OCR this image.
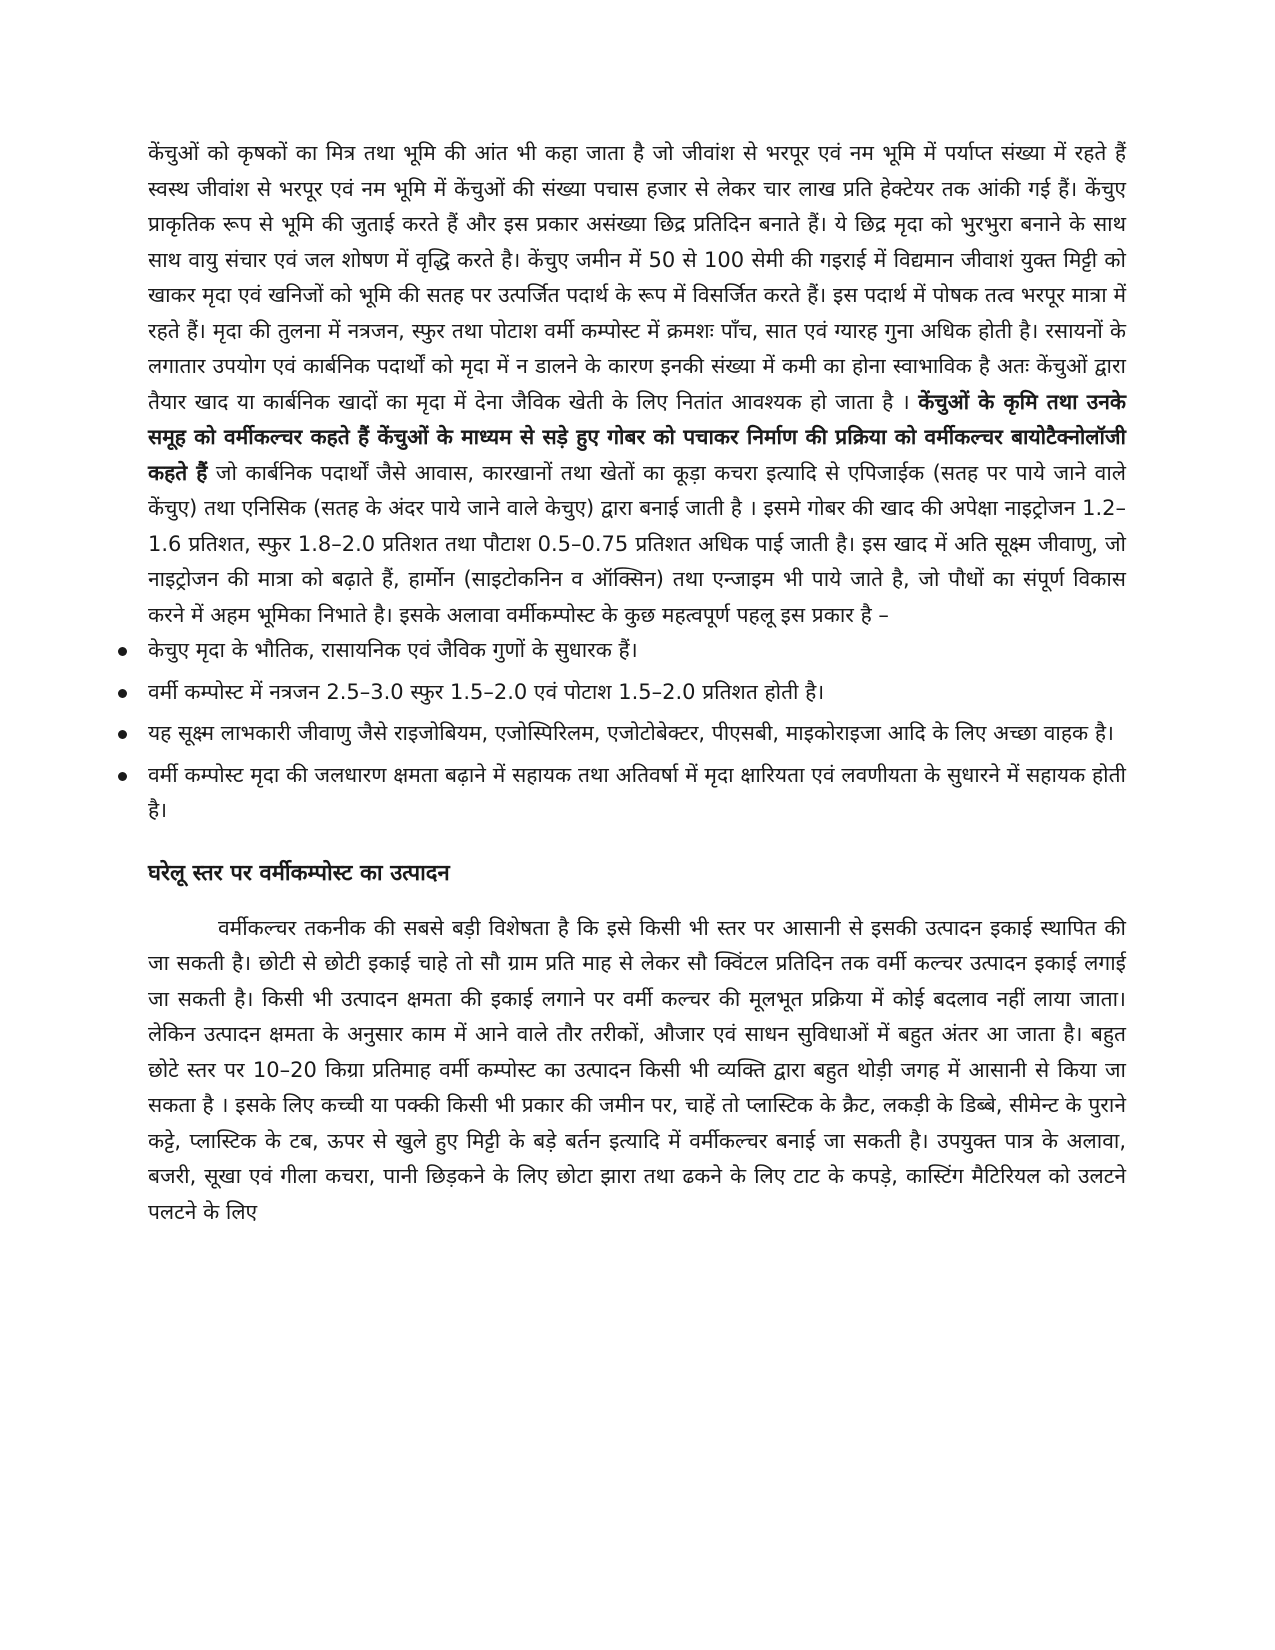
केंचुओं को कृषकों का मित्र तथा भूमि की आंत भी कहा जाता है जो जीवांश से भरपूर एवं नम भूमि में पर्याप्त संख्या में रहते हैं स्वस्थ जीवांश से भरपूर एवं नम भूमि में केंचुओं की संख्या पचास हजार से लेकर चार लाख प्रति हेक्टेयर तक आंकी गई हैं। केंचुए प्राकृतिक रूप से भूमि की जुताई करते हैं और इस प्रकार असंख्या छिद्र प्रतिदिन बनाते हैं। ये छिद्र मृदा को भुरभुरा बनाने के साथ साथ वायु संचार एवं जल शोषण में वृद्धि करते है। केंचुए जमीन में 50 से 100 सेमी की गइराई में विद्यमान जीवाशं युक्त मिट्टी को खाकर मृदा एवं खनिजों को भूमि की सतह पर उत्पर्जित पदार्थ के रूप में विसर्जित करते हैं। इस पदार्थ में पोषक तत्व भरपूर मात्रा में रहते हैं। मृदा की तुलना में नत्रजन, स्फुर तथा पोटाश वर्मी कम्पोस्ट में क्रमशः पाँच, सात एवं ग्यारह गुना अधिक होती है। रसायनों के लगातार उपयोग एवं कार्बनिक पदार्थों को मृदा में न डालने के कारण इनकी संख्या में कमी का होना स्वाभाविक है अतः केंचुओं द्वारा तैयार खाद या कार्बनिक खादों का मृदा में देना जैविक खेती के लिए नितांत आवश्यक हो जाता है । केंचुओं के कृमि तथा उनके समूह को वर्मीकल्चर कहते हैं केंचुओं के माध्यम से सड़े हुए गोबर को पचाकर निर्माण की प्रक्रिया को वर्मीकल्चर बायोटैक्नोलॉजी कहते हैं जो कार्बनिक पदार्थों जैसे आवास, कारखानों तथा खेतों का कूड़ा कचरा इत्यादि से एपिजाईक (सतह पर पाये जाने वाले केंचुए) तथा एनिसिक (सतह के अंदर पाये जाने वाले केचुए) द्वारा बनाई जाती है । इसमे गोबर की खाद की अपेक्षा नाइट्रोजन 1.2–1.6 प्रतिशत, स्फुर 1.8–2.0 प्रतिशत तथा पौटाश 0.5–0.75 प्रतिशत अधिक पाई जाती है। इस खाद में अति सूक्ष्म जीवाणु, जो नाइट्रोजन की मात्रा को बढ़ाते हैं, हार्मोन (साइटोकनिन व ऑक्सिन) तथा एन्जाइम भी पाये जाते है, जो पौधों का संपूर्ण विकास करने में अहम भूमिका निभाते है। इसके अलावा वर्मीकम्पोस्ट के कुछ महत्वपूर्ण पहलू इस प्रकार है –

केचुए मृदा के भौतिक, रासायनिक एवं जैविक गुणों के सुधारक हैं।
वर्मी कम्पोस्ट में नत्रजन 2.5–3.0 स्फुर 1.5–2.0 एवं पोटाश 1.5–2.0 प्रतिशत होती है।
यह सूक्ष्म लाभकारी जीवाणु जैसे राइजोबियम, एजोस्पिरिलम, एजोटोबेक्टर, पीएसबी, माइकोराइजा आदि के लिए अच्छा वाहक है।
वर्मी कम्पोस्ट मृदा की जलधारण क्षमता बढ़ाने में सहायक तथा अतिवर्षा में मृदा क्षारियता एवं लवणीयता के सुधारने में सहायक होती है।
घरेलू स्तर पर वर्मीकम्पोस्ट का उत्पादन

वर्मीकल्चर तकनीक की सबसे बड़ी विशेषता है कि इसे किसी भी स्तर पर आसानी से इसकी उत्पादन इकाई स्थापित की जा सकती है। छोटी से छोटी इकाई चाहे तो सौ ग्राम प्रति माह से लेकर सौ क्विंटल प्रतिदिन तक वर्मी कल्चर उत्पादन इकाई लगाई जा सकती है। किसी भी उत्पादन क्षमता की इकाई लगाने पर वर्मी कल्चर की मूलभूत प्रक्रिया में कोई बदलाव नहीं लाया जाता। लेकिन उत्पादन क्षमता के अनुसार काम में आने वाले तौर तरीकों, औजार एवं साधन सुविधाओं में बहुत अंतर आ जाता है। बहुत छोटे स्तर पर 10–20 किग्रा प्रतिमाह वर्मी कम्पोस्ट का उत्पादन किसी भी व्यक्ति द्वारा बहुत थोड़ी जगह में आसानी से किया जा सकता है । इसके लिए कच्ची या पक्की किसी भी प्रकार की जमीन पर, चाहें तो प्लास्टिक के क्रैट, लकड़ी के डिब्बे, सीमेन्ट के पुराने कट्टे, प्लास्टिक के टब, ऊपर से खुले हुए मिट्टी के बड़े बर्तन इत्यादि में वर्मीकल्चर बनाई जा सकती है। उपयुक्त पात्र के अलावा, बजरी, सूखा एवं गीला कचरा, पानी छिड़कने के लिए छोटा झारा तथा ढकने के लिए टाट के कपड़े, कास्टिंग मैटिरियल को उलटने पलटने के लिए
